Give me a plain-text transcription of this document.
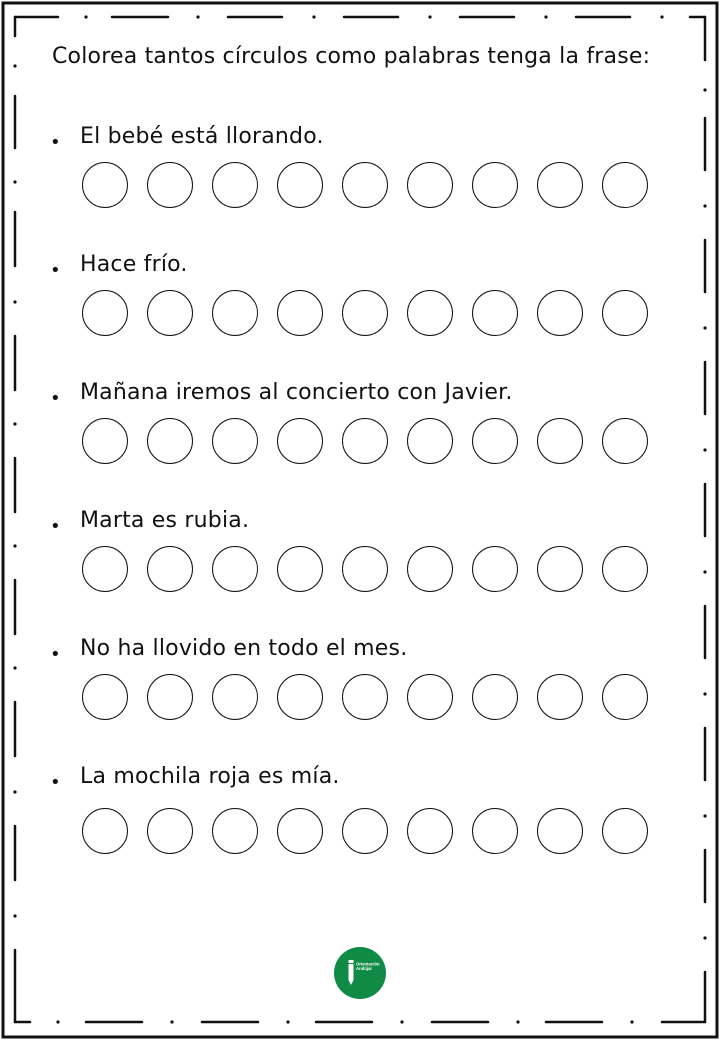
Colorea tantos círculos como palabras tenga la frase:
• El bebé está llorando.
• Hace frío.
• Mañana iremos al concierto con Javier.
• Marta es rubia.
• No ha llovido en todo el mes.
• La mochila roja es mía.
Orientación
Andújar
